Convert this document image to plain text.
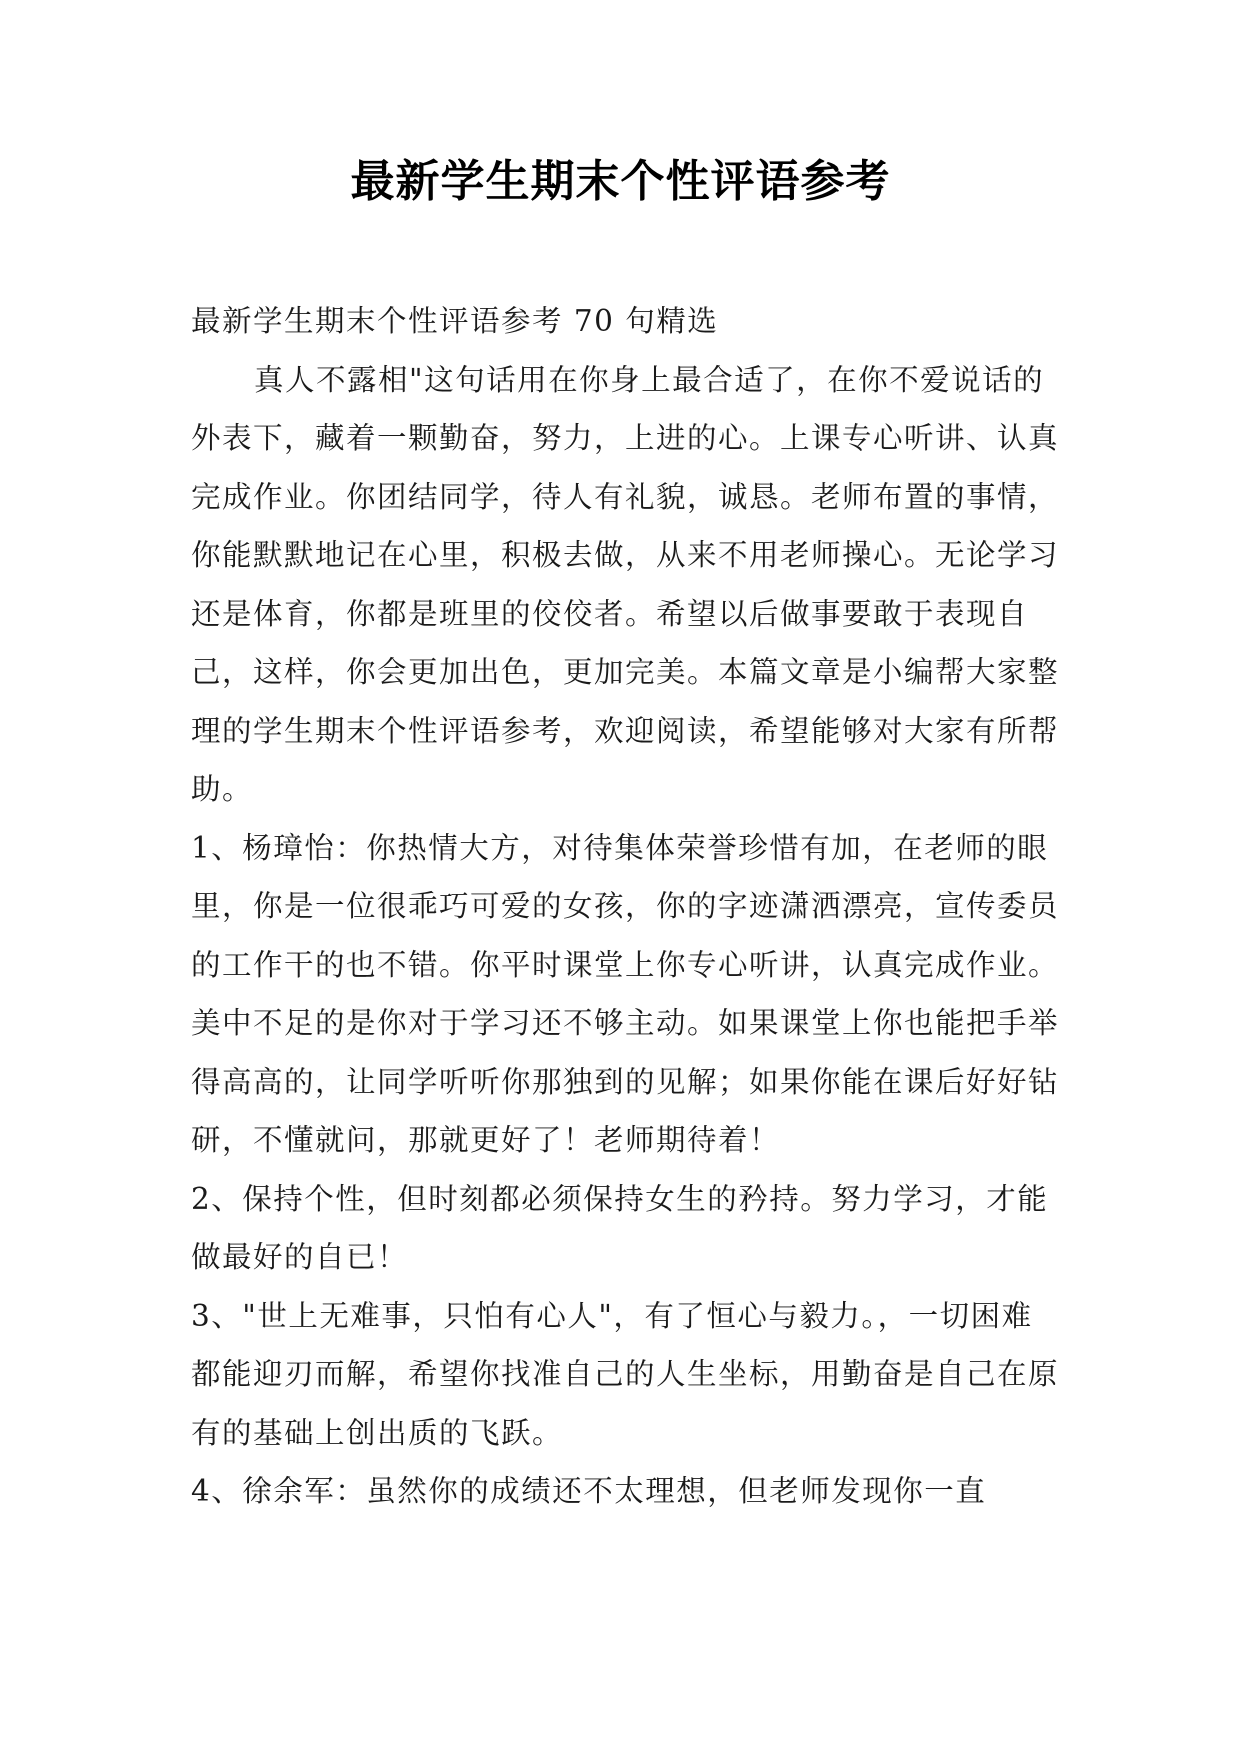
最新学生期末个性评语参考

最新学生期末个性评语参考 70 句精选

真人不露相"这句话用在你身上最合适了，在你不爱说话的外表下，藏着一颗勤奋，努力，上进的心。上课专心听讲、认真完成作业。你团结同学，待人有礼貌，诚恳。老师布置的事情，你能默默地记在心里，积极去做，从来不用老师操心。无论学习还是体育，你都是班里的佼佼者。希望以后做事要敢于表现自己，这样，你会更加出色，更加完美。本篇文章是小编帮大家整理的学生期末个性评语参考，欢迎阅读，希望能够对大家有所帮助。

1、杨璋怡：你热情大方，对待集体荣誉珍惜有加，在老师的眼里，你是一位很乖巧可爱的女孩，你的字迹潇洒漂亮，宣传委员的工作干的也不错。你平时课堂上你专心听讲，认真完成作业。美中不足的是你对于学习还不够主动。如果课堂上你也能把手举得高高的，让同学听听你那独到的见解；如果你能在课后好好钻研，不懂就问，那就更好了！老师期待着！

2、保持个性，但时刻都必须保持女生的矜持。努力学习，才能做最好的自已！

3、"世上无难事，只怕有心人"，有了恒心与毅力。，一切困难都能迎刃而解，希望你找准自己的人生坐标，用勤奋是自己在原有的基础上创出质的飞跃。

4、徐余军：虽然你的成绩还不太理想，但老师发现你一直
